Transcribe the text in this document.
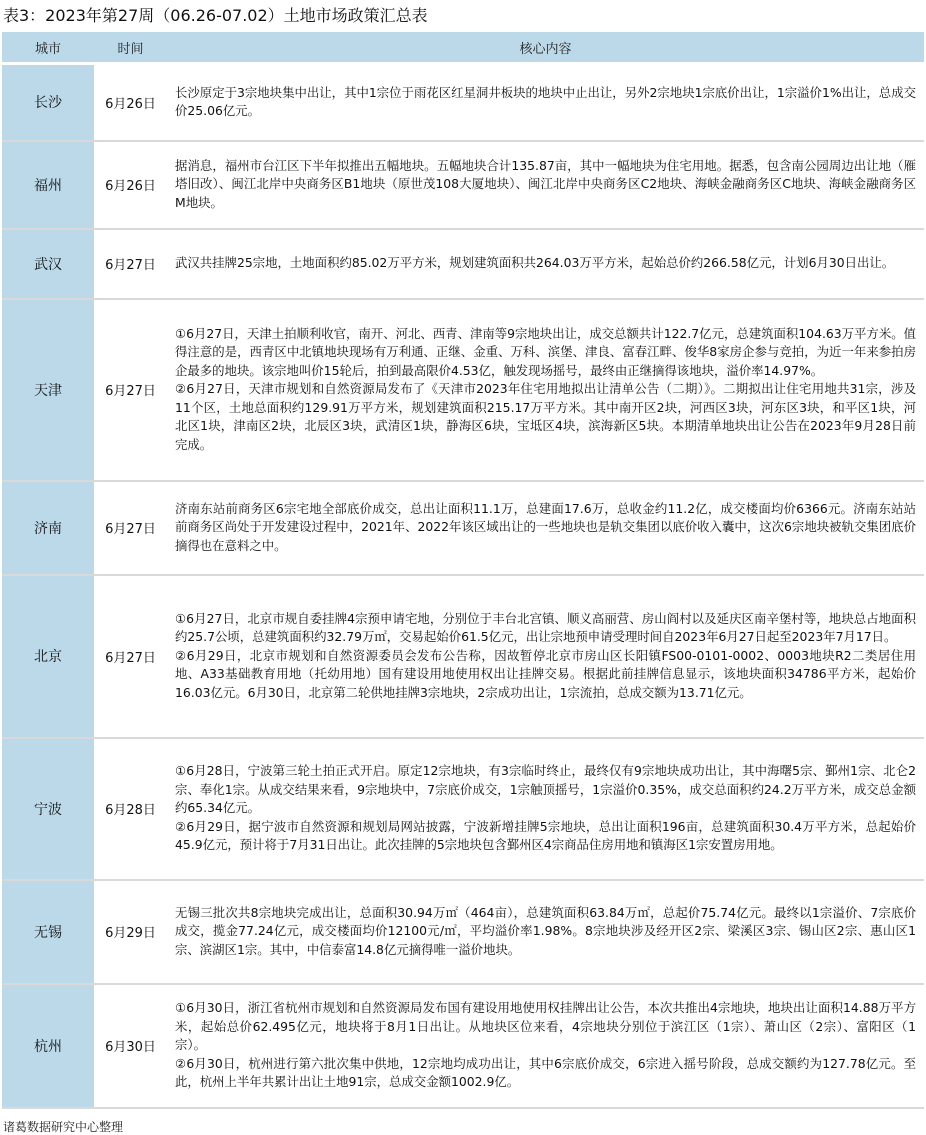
表3：2023年第27周（06.26-07.02）土地市场政策汇总表
城市	时间	核心内容
长沙	6月26日	长沙原定于3宗地块集中出让，其中1宗位于雨花区红星洞井板块的地块中止出让，另外2宗地块1宗底价出让，1宗溢价1%出让，总成交价25.06亿元。

福州	6月26日	据消息，福州市台江区下半年拟推出五幅地块。五幅地块合计135.87亩，其中一幅地块为住宅用地。据悉，包含南公园周边出让地（雁塔旧改）、闽江北岸中央商务区B1地块（原世茂108大厦地块）、闽江北岸中央商务区C2地块、海峡金融商务区C地块、海峡金融商务区M地块。

武汉	6月27日	武汉共挂牌25宗地，土地面积约85.02万平方米，规划建筑面积共264.03万平方米，起始总价约266.58亿元，计划6月30日出让。

天津	6月27日	①6月27日，天津土拍顺利收官，南开、河北、西青、津南等9宗地块出让，成交总额共计122.7亿元，总建筑面积104.63万平方米。值得注意的是，西青区中北镇地块现场有万利通、正继、金重、万科、滨堡、津良、富春江畔、俊华8家房企参与竞拍，为近一年来参拍房企最多的地块。该宗地叫价15轮后，拍到最高限价4.53亿，触发现场摇号，最终由正继摘得该地块，溢价率14.97%。
②6月27日，天津市规划和自然资源局发布了《天津市2023年住宅用地拟出让清单公告（二期）》。二期拟出让住宅用地共31宗，涉及11个区，土地总面积约129.91万平方米，规划建筑面积215.17万平方米。其中南开区2块，河西区3块，河东区3块，和平区1块，河北区1块，津南区2块，北辰区3块，武清区1块，静海区6块，宝坻区4块，滨海新区5块。本期清单地块出让公告在2023年9月28日前完成。

济南	6月27日	济南东站前商务区6宗宅地全部底价成交，总出让面积11.1万，总建面17.6万，总收金约11.2亿，成交楼面均价6366元。济南东站站前商务区尚处于开发建设过程中，2021年、2022年该区域出让的一些地块也是轨交集团以底价收入囊中，这次6宗地块被轨交集团底价摘得也在意料之中。

北京	6月27日	①6月27日，北京市规自委挂牌4宗预申请宅地，分别位于丰台北宫镇、顺义高丽营、房山阎村以及延庆区南辛堡村等，地块总占地面积约25.7公顷，总建筑面积约32.79万㎡，交易起始价61.5亿元，出让宗地预申请受理时间自2023年6月27日起至2023年7月17日。
②6月29日，北京市规划和自然资源委员会发布公告称，因故暂停北京市房山区长阳镇FS00-0101-0002、0003地块R2二类居住用地、A33基础教育用地（托幼用地）国有建设用地使用权出让挂牌交易。根据此前挂牌信息显示，该地块面积34786平方米，起始价16.03亿元。6月30日，北京第二轮供地挂牌3宗地块，2宗成功出让，1宗流拍，总成交额为13.71亿元。

宁波	6月28日	①6月28日，宁波第三轮土拍正式开启。原定12宗地块，有3宗临时终止，最终仅有9宗地块成功出让，其中海曙5宗、鄞州1宗、北仑2宗、奉化1宗。从成交结果来看，9宗地块中，7宗底价成交，1宗触顶摇号，1宗溢价0.35%，成交总面积约24.2万平方米，成交总金额约65.34亿元。
②6月29日，据宁波市自然资源和规划局网站披露，宁波新增挂牌5宗地块，总出让面积196亩，总建筑面积30.4万平方米，总起始价45.9亿元，预计将于7月31日出让。此次挂牌的5宗地块包含鄞州区4宗商品住房用地和镇海区1宗安置房用地。

无锡	6月29日	无锡三批次共8宗地块完成出让，总面积30.94万㎡（464亩），总建筑面积63.84万㎡，总起价75.74亿元。最终以1宗溢价、7宗底价成交，揽金77.24亿元，成交楼面均价12100元/㎡，平均溢价率1.98%。8宗地块涉及经开区2宗、梁溪区3宗、锡山区2宗、惠山区1宗、滨湖区1宗。其中，中信泰富14.8亿元摘得唯一溢价地块。

杭州	6月30日	①6月30日，浙江省杭州市规划和自然资源局发布国有建设用地使用权挂牌出让公告，本次共推出4宗地块，地块出让面积14.88万平方米，起始总价62.495亿元，地块将于8月1日出让。从地块区位来看，4宗地块分别位于滨江区（1宗）、萧山区（2宗）、富阳区（1宗）。
②6月30日，杭州进行第六批次集中供地，12宗地均成功出让，其中6宗底价成交，6宗进入摇号阶段，总成交额约为127.78亿元。至此，杭州上半年共累计出让土地91宗，总成交金额1002.9亿。
诸葛数据研究中心整理
